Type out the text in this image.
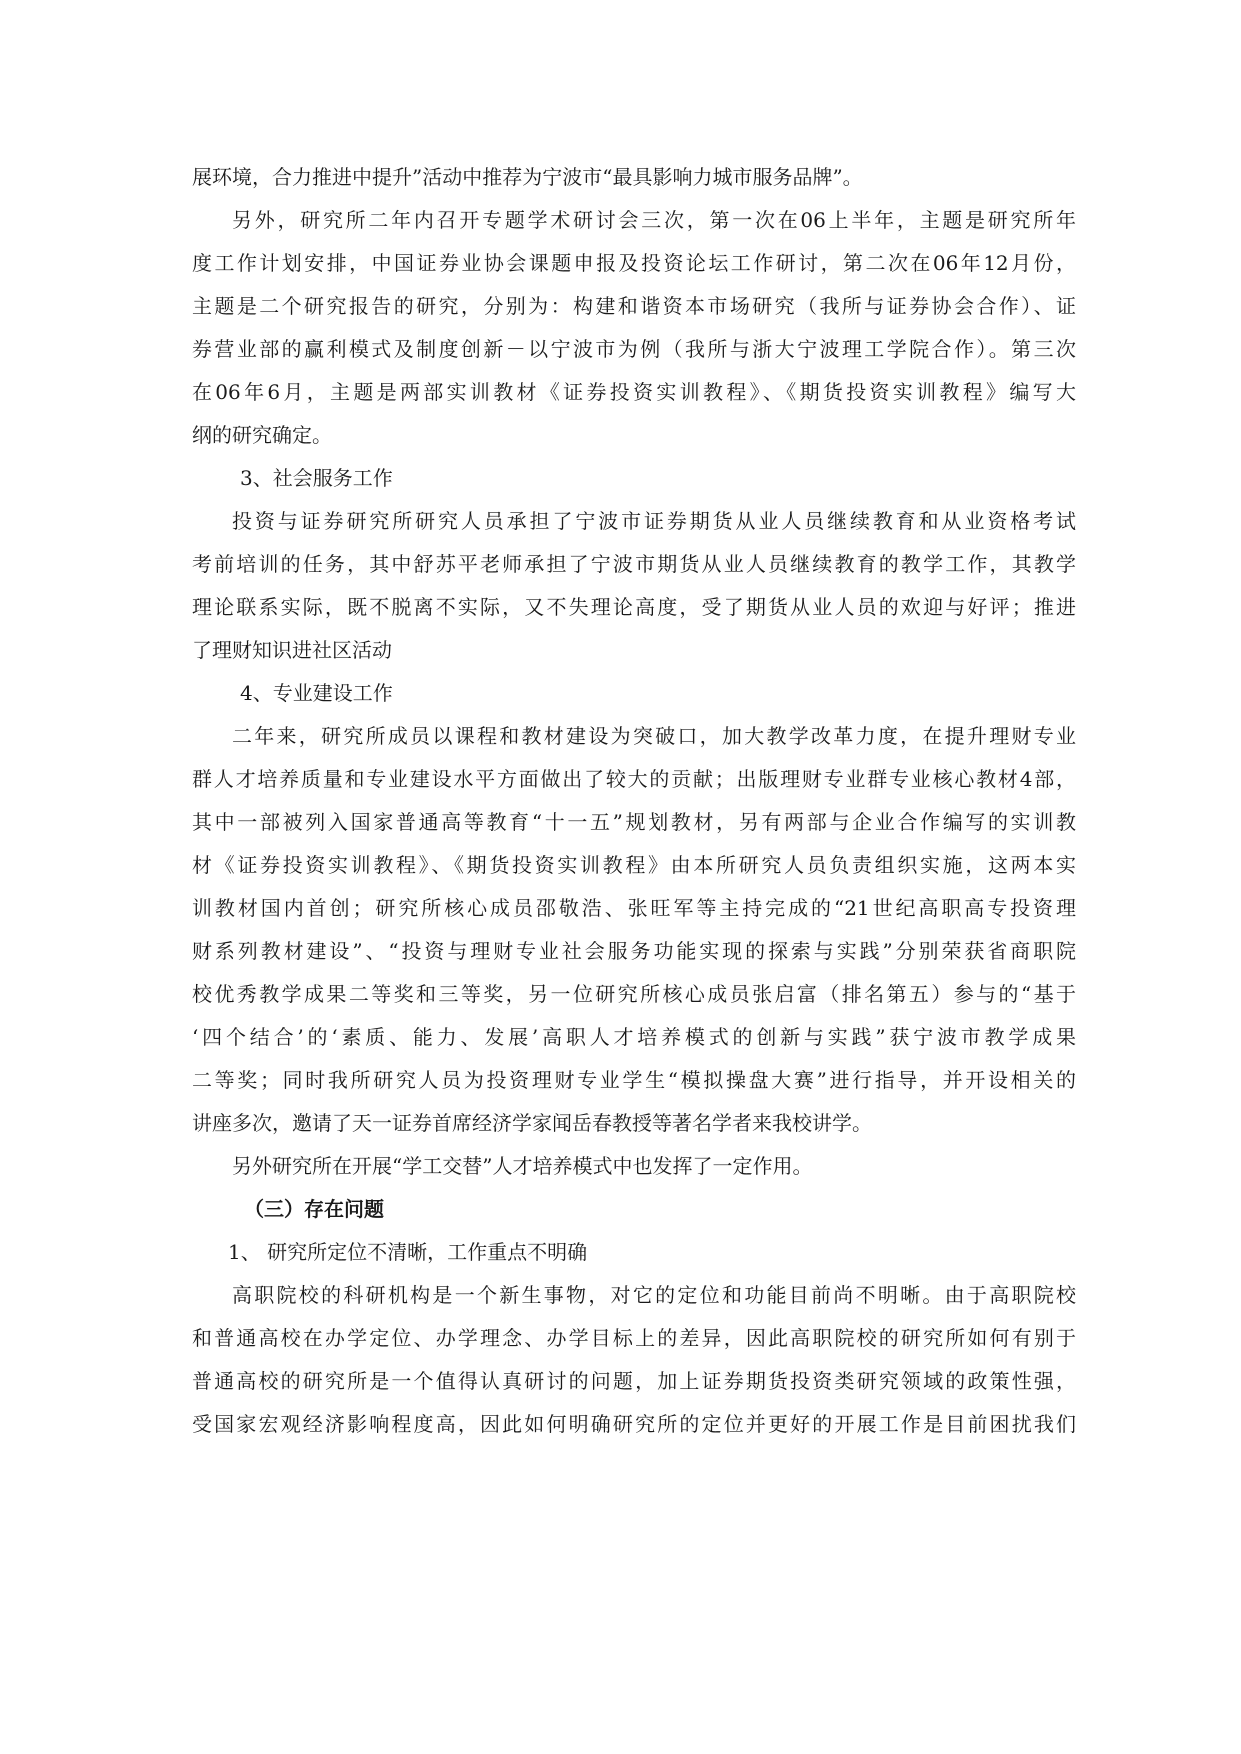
展环境，合力推进中提升”活动中推荐为宁波市“最具影响力城市服务品牌”。
另外，研究所二年内召开专题学术研讨会三次，第一次在06上半年，主题是研究所年
度工作计划安排，中国证券业协会课题申报及投资论坛工作研讨，第二次在06年12月份，
主题是二个研究报告的研究，分别为：构建和谐资本市场研究（我所与证券协会合作）、证
券营业部的赢利模式及制度创新－以宁波市为例（我所与浙大宁波理工学院合作）。第三次
在06年6月，主题是两部实训教材《证券投资实训教程》、《期货投资实训教程》编写大
纲的研究确定。
3、社会服务工作
投资与证券研究所研究人员承担了宁波市证券期货从业人员继续教育和从业资格考试
考前培训的任务，其中舒苏平老师承担了宁波市期货从业人员继续教育的教学工作，其教学
理论联系实际，既不脱离不实际，又不失理论高度，受了期货从业人员的欢迎与好评；推进
了理财知识进社区活动
4、专业建设工作
二年来，研究所成员以课程和教材建设为突破口，加大教学改革力度，在提升理财专业
群人才培养质量和专业建设水平方面做出了较大的贡献；出版理财专业群专业核心教材4部，
其中一部被列入国家普通高等教育“十一五”规划教材，另有两部与企业合作编写的实训教
材《证券投资实训教程》、《期货投资实训教程》由本所研究人员负责组织实施，这两本实
训教材国内首创；研究所核心成员邵敬浩、张旺军等主持完成的“21世纪高职高专投资理
财系列教材建设”、“投资与理财专业社会服务功能实现的探索与实践”分别荣获省商职院
校优秀教学成果二等奖和三等奖，另一位研究所核心成员张启富（排名第五）参与的“基于
‘四个结合’的‘素质、能力、发展’高职人才培养模式的创新与实践”获宁波市教学成果
二等奖；同时我所研究人员为投资理财专业学生“模拟操盘大赛”进行指导，并开设相关的
讲座多次，邀请了天一证券首席经济学家闻岳春教授等著名学者来我校讲学。
另外研究所在开展“学工交替”人才培养模式中也发挥了一定作用。
（三）存在问题
1、 研究所定位不清晰，工作重点不明确
高职院校的科研机构是一个新生事物，对它的定位和功能目前尚不明晰。由于高职院校
和普通高校在办学定位、办学理念、办学目标上的差异，因此高职院校的研究所如何有别于
普通高校的研究所是一个值得认真研讨的问题，加上证券期货投资类研究领域的政策性强，
受国家宏观经济影响程度高，因此如何明确研究所的定位并更好的开展工作是目前困扰我们
